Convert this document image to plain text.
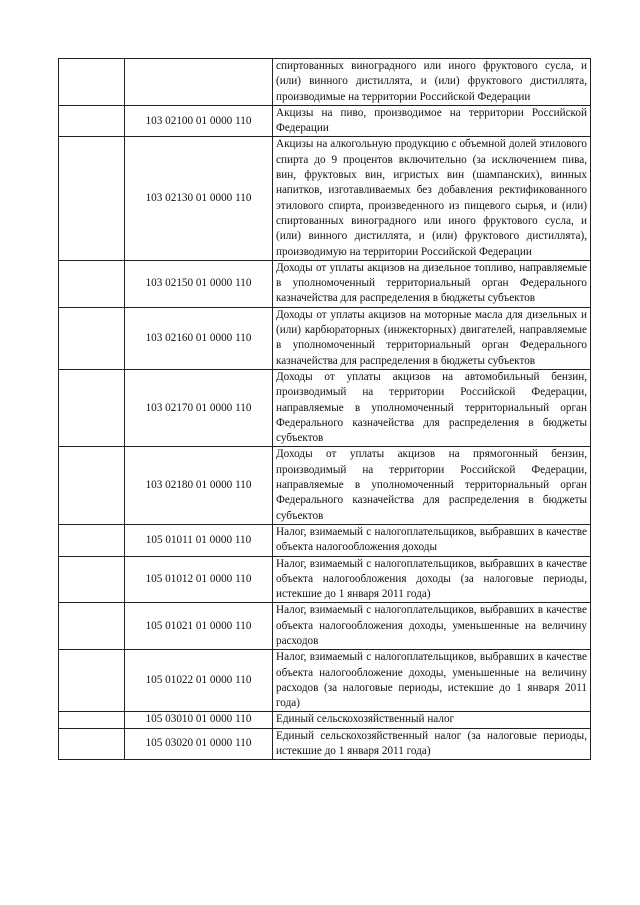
		спиртованных виноградного или иного фруктового сусла, и (или) винного дистиллята, и (или) фруктового дистиллята, производимые на территории Российской Федерации
	103 02100 01 0000 110	Акцизы на пиво, производимое на территории Российской Федерации
	103 02130 01 0000 110	Акцизы на алкогольную продукцию с объемной долей этилового спирта до 9 процентов включительно (за исключением пива, вин, фруктовых вин, игристых вин (шампанских), винных напитков, изготавливаемых без добавления ректификованного этилового спирта, произведенного из пищевого сырья, и (или) спиртованных виноградного или иного фруктового сусла, и (или) винного дистиллята, и (или) фруктового дистиллята), производимую на территории Российской Федерации
	103 02150 01 0000 110	Доходы от уплаты акцизов на дизельное топливо, направляемые в уполномоченный территориальный орган Федерального казначейства для распределения в бюджеты субъектов
	103 02160 01 0000 110	Доходы от уплаты акцизов на моторные масла для дизельных и (или) карбюраторных (инжекторных) двигателей, направляемые в уполномоченный территориальный орган Федерального казначейства для распределения в бюджеты субъектов
	103 02170 01 0000 110	Доходы от уплаты акцизов на автомобильный бензин, производимый на территории Российской Федерации, направляемые в уполномоченный территориальный орган Федерального казначейства для распределения в бюджеты субъектов
	103 02180 01 0000 110	Доходы от уплаты акцизов на прямогонный бензин, производимый на территории Российской Федерации, направляемые в уполномоченный территориальный орган Федерального казначейства для распределения в бюджеты субъектов
	105 01011 01 0000 110	Налог, взимаемый с налогоплательщиков, выбравших в качестве объекта налогообложения доходы
	105 01012 01 0000 110	Налог, взимаемый с налогоплательщиков, выбравших в качестве объекта налогообложения доходы (за налоговые периоды, истекшие до 1 января 2011 года)
	105 01021 01 0000 110	Налог, взимаемый с налогоплательщиков, выбравших в качестве объекта налогообложения доходы, уменьшенные на величину расходов
	105 01022 01 0000 110	Налог, взимаемый с налогоплательщиков, выбравших в качестве объекта налогообложение доходы, уменьшенные на величину расходов (за налоговые периоды, истекшие до 1 января 2011 года)
	105 03010 01 0000 110	Единый сельскохозяйственный налог
	105 03020 01 0000 110	Единый сельскохозяйственный налог (за налоговые периоды, истекшие до 1 января 2011 года)
